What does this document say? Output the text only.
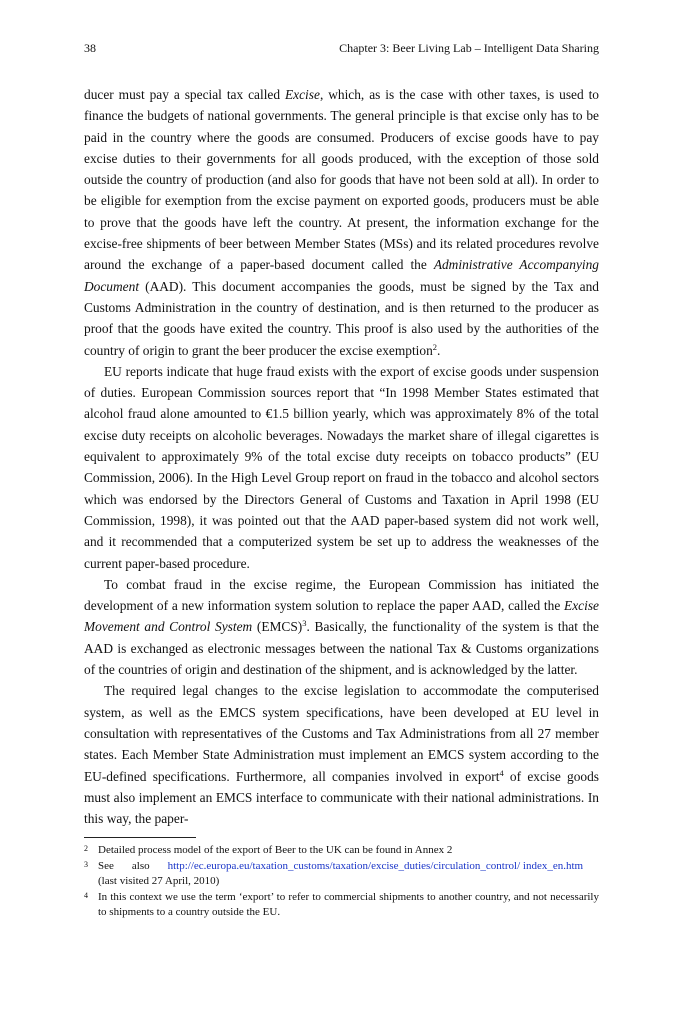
38	Chapter 3: Beer Living Lab – Intelligent Data Sharing

ducer must pay a special tax called Excise, which, as is the case with other taxes, is used to finance the budgets of national governments. The general principle is that excise only has to be paid in the country where the goods are consumed. Producers of excise goods have to pay excise duties to their governments for all goods produced, with the exception of those sold outside the country of production (and also for goods that have not been sold at all). In order to be eligible for exemption from the excise payment on exported goods, producers must be able to prove that the goods have left the country. At present, the information exchange for the excise-free shipments of beer between Member States (MSs) and its related procedures revolve around the exchange of a paper-based document called the Administrative Accompanying Document (AAD). This document accompanies the goods, must be signed by the Tax and Customs Administration in the country of destination, and is then returned to the producer as proof that the goods have exited the country. This proof is also used by the authorities of the country of origin to grant the beer producer the excise exemption$^2$.

EU reports indicate that huge fraud exists with the export of excise goods under suspension of duties. European Commission sources report that “In 1998 Member States estimated that alcohol fraud alone amounted to €1.5 billion yearly, which was approximately 8% of the total excise duty receipts on alcoholic beverages. Nowadays the market share of illegal cigarettes is equivalent to approximately 9% of the total excise duty receipts on tobacco products” (EU Commission, 2006). In the High Level Group report on fraud in the tobacco and alcohol sectors which was endorsed by the Directors General of Customs and Taxation in April 1998 (EU Commission, 1998), it was pointed out that the AAD paper-based system did not work well, and it recommended that a computerized system be set up to address the weaknesses of the current paper-based procedure.

To combat fraud in the excise regime, the European Commission has initiated the development of a new information system solution to replace the paper AAD, called the Excise Movement and Control System (EMCS)$^3$. Basically, the functionality of the system is that the AAD is exchanged as electronic messages between the national Tax & Customs organizations of the countries of origin and destination of the shipment, and is acknowledged by the latter.

The required legal changes to the excise legislation to accommodate the computerised system, as well as the EMCS system specifications, have been developed at EU level in consultation with representatives of the Customs and Tax Administrations from all 27 member states. Each Member State Administration must implement an EMCS system according to the EU-defined specifications. Furthermore, all companies involved in export$^4$ of excise goods must also implement an EMCS interface to communicate with their national administrations. In this way, the paper-

2 Detailed process model of the export of Beer to the UK can be found in Annex 2
3 See also http://ec.europa.eu/taxation_customs/taxation/excise_duties/circulation_control/ index_en.htm (last visited 27 April, 2010)
4 In this context we use the term ‘export’ to refer to commercial shipments to another country, and not necessarily to shipments to a country outside the EU.
